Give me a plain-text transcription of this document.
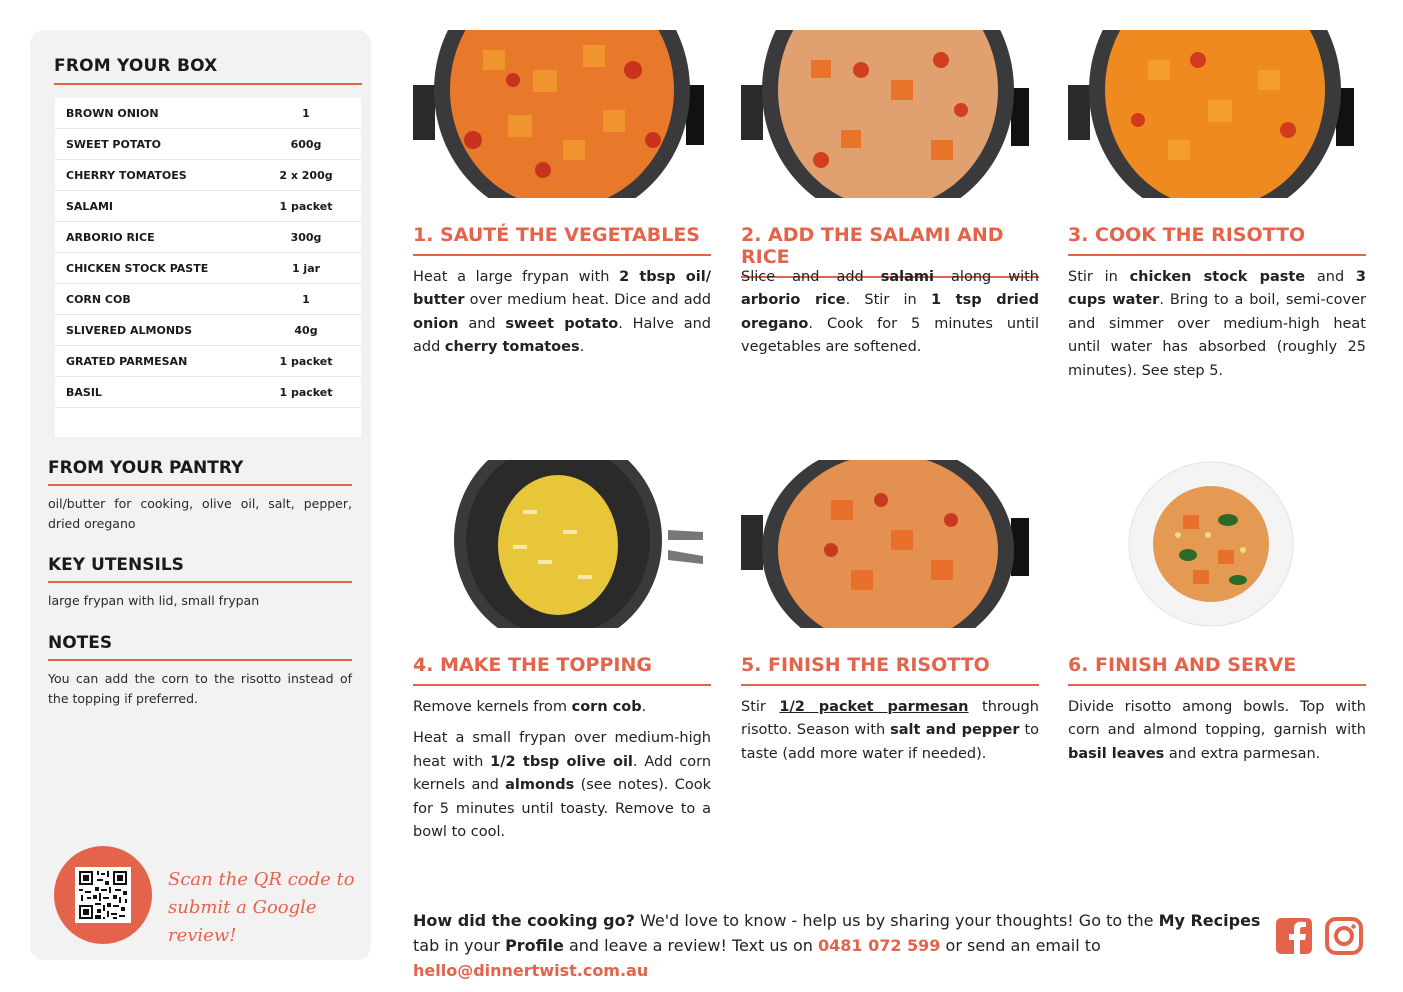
FROM YOUR BOX
BROWN ONION	1
SWEET POTATO	600g
CHERRY TOMATOES	2 x 200g
SALAMI	1 packet
ARBORIO RICE	300g
CHICKEN STOCK PASTE	1 jar
CORN COB	1
SLIVERED ALMONDS	40g
GRATED PARMESAN	1 packet
BASIL	1 packet
FROM YOUR PANTRY
oil/butter for cooking, olive oil, salt, pepper, dried oregano
KEY UTENSILS
large frypan with lid, small frypan
NOTES
You can add the corn to the risotto instead of the topping if preferred.
Scan the QR code to
submit a Google review!
1. SAUTÉ THE VEGETABLES
Heat a large frypan with 2 tbsp oil/ butter over medium heat. Dice and add onion and sweet potato. Halve and add cherry tomatoes.
2. ADD THE SALAMI AND RICE
Slice and add salami along with arborio rice. Stir in 1 tsp dried oregano. Cook for 5 minutes until vegetables are softened.
3. COOK THE RISOTTO
Stir in chicken stock paste and 3 cups water. Bring to a boil, semi-cover and simmer over medium-high heat until water has absorbed (roughly 25 minutes). See step 5.
4. MAKE THE TOPPING

Remove kernels from corn cob.

Heat a small frypan over medium-high heat with 1/2 tbsp olive oil. Add corn kernels and almonds (see notes). Cook for 5 minutes until toasty. Remove to a bowl to cool.

5. FINISH THE RISOTTO
Stir 1/2 packet parmesan through risotto. Season with salt and pepper to taste (add more water if needed).
6. FINISH AND SERVE
Divide risotto among bowls. Top with corn and almond topping, garnish with basil leaves and extra parmesan.
How did the cooking go? We'd love to know - help us by sharing your thoughts! Go to the My Recipes tab in your Profile and leave a review! Text us on 0481 072 599 or send an email to hello@dinnertwist.com.au
